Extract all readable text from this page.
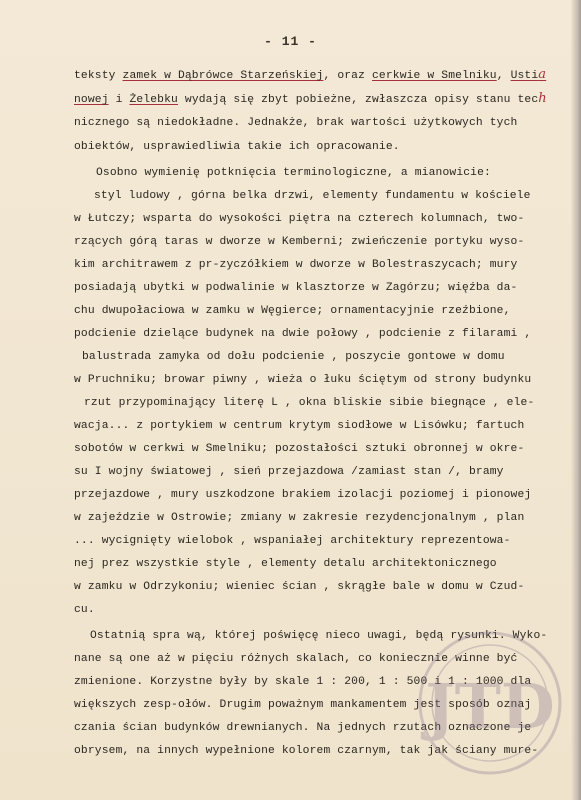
- 11 -
teksty zamek w Dąbrówce Starzeńskiej, oraz cerkwie w Smelniku, Ustia
nowej i Żelebku wydają się zbyt pobieżne, zwłaszcza opisy stanu tech
nicznego są niedokładne. Jednakże, brak wartości użytkowych tych
obiektów, usprawiedliwia takie ich opracowanie.
Osobno wymienię potknięcia terminologiczne, a mianowicie:
styl ludowy , górna belka drzwi, elementy fundamentu w kościele
w Łutczy; wsparta do wysokości piętra na czterech kolumnach, two-
rzących górą taras w dworze w Kemberni; zwieńczenie portyku wyso-
kim architrawem z pr-zyczółkiem w dworze w Bolestraszycach; mury
posiadają ubytki w podwalinie w klasztorze w Zagórzu; więźba da-
chu dwupołaciowa w zamku w Węgierce; ornamentacyjnie rzeźbione,
podcienie dzielące budynek na dwie połowy , podcienie z filarami ,
balustrada zamyka od dołu podcienie , poszycie gontowe w domu
w Pruchniku; browar piwny , wieża o łuku ściętym od strony budynku
rzut przypominający literę L , okna bliskie sibie biegnące , ele-
wacja... z portykiem w centrum krytym siodłowe w Lisówku; fartuch
sobotów w cerkwi w Smelniku; pozostałości sztuki obronnej w okre-
su I wojny światowej , sień przejazdowa /zamiast stan /, bramy
przejazdowe , mury uszkodzone brakiem izolacji poziomej i pionowej
w zajeździe w Ostrowie; zmiany w zakresie rezydencjonalnym , plan
... wycignięty wielobok , wspaniałej architektury reprezentowa-
nej prez wszystkie style , elementy detalu architektonicznego
w zamku w Odrzykoniu; wieniec ścian , skrągłe bale w domu w Czud-
cu.
Ostatnią spra wą, której poświęcę nieco uwagi, będą rysunki. Wyko-
nane są one aż w pięciu różnych skalach, co koniecznie winne być
zmienione. Korzystne były by skale 1 : 200, 1 : 500 i 1 : 1000 dla
większych zesp-ołów. Drugim poważnym mankamentem jest sposób oznaj
czania ścian budynków drewnianych. Na jednych rzutach oznaczone je
obrysem, na innych wypełnione kolorem czarnym, tak jak ściany mure-
JTD
